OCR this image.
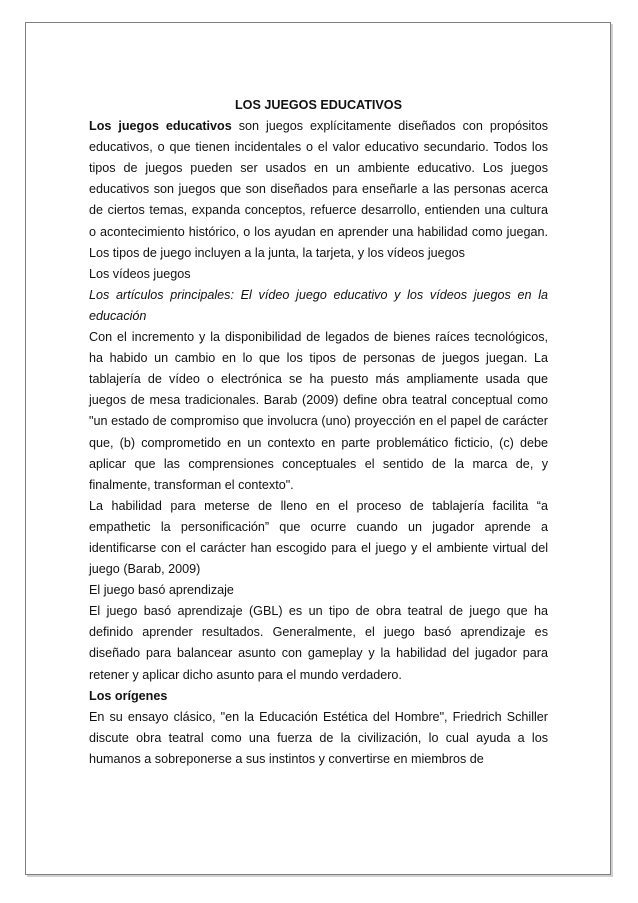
LOS JUEGOS EDUCATIVOS

Los juegos educativos son juegos explícitamente diseñados con propósitos educativos, o que tienen incidentales o el valor educativo secundario. Todos los tipos de juegos pueden ser usados en un ambiente educativo. Los juegos educativos son juegos que son diseñados para enseñarle a las personas acerca de ciertos temas, expanda conceptos, refuerce desarrollo, entienden una cultura o acontecimiento histórico, o los ayudan en aprender una habilidad como juegan. Los tipos de juego incluyen a la junta, la tarjeta, y los vídeos juegos

Los vídeos juegos

Los artículos principales: El vídeo juego educativo y los vídeos juegos en la educación

Con el incremento y la disponibilidad de legados de bienes raíces tecnológicos, ha habido un cambio en lo que los tipos de personas de juegos juegan. La tablajería de vídeo o electrónica se ha puesto más ampliamente usada que juegos de mesa tradicionales. Barab (2009) define obra teatral conceptual como "un estado de compromiso que involucra (uno) proyección en el papel de carácter que, (b) comprometido en un contexto en parte problemático ficticio, (c) debe aplicar que las comprensiones conceptuales el sentido de la marca de, y finalmente, transforman el contexto".

La habilidad para meterse de lleno en el proceso de tablajería facilita “a empathetic la personificación” que ocurre cuando un jugador aprende a identificarse con el carácter han escogido para el juego y el ambiente virtual del juego (Barab, 2009)

El juego basó aprendizaje

El juego basó aprendizaje (GBL) es un tipo de obra teatral de juego que ha definido aprender resultados. Generalmente, el juego basó aprendizaje es diseñado para balancear asunto con gameplay y la habilidad del jugador para retener y aplicar dicho asunto para el mundo verdadero.

Los orígenes

En su ensayo clásico, "en la Educación Estética del Hombre", Friedrich Schiller discute obra teatral como una fuerza de la civilización, lo cual ayuda a los humanos a sobreponerse a sus instintos y convertirse en miembros de
